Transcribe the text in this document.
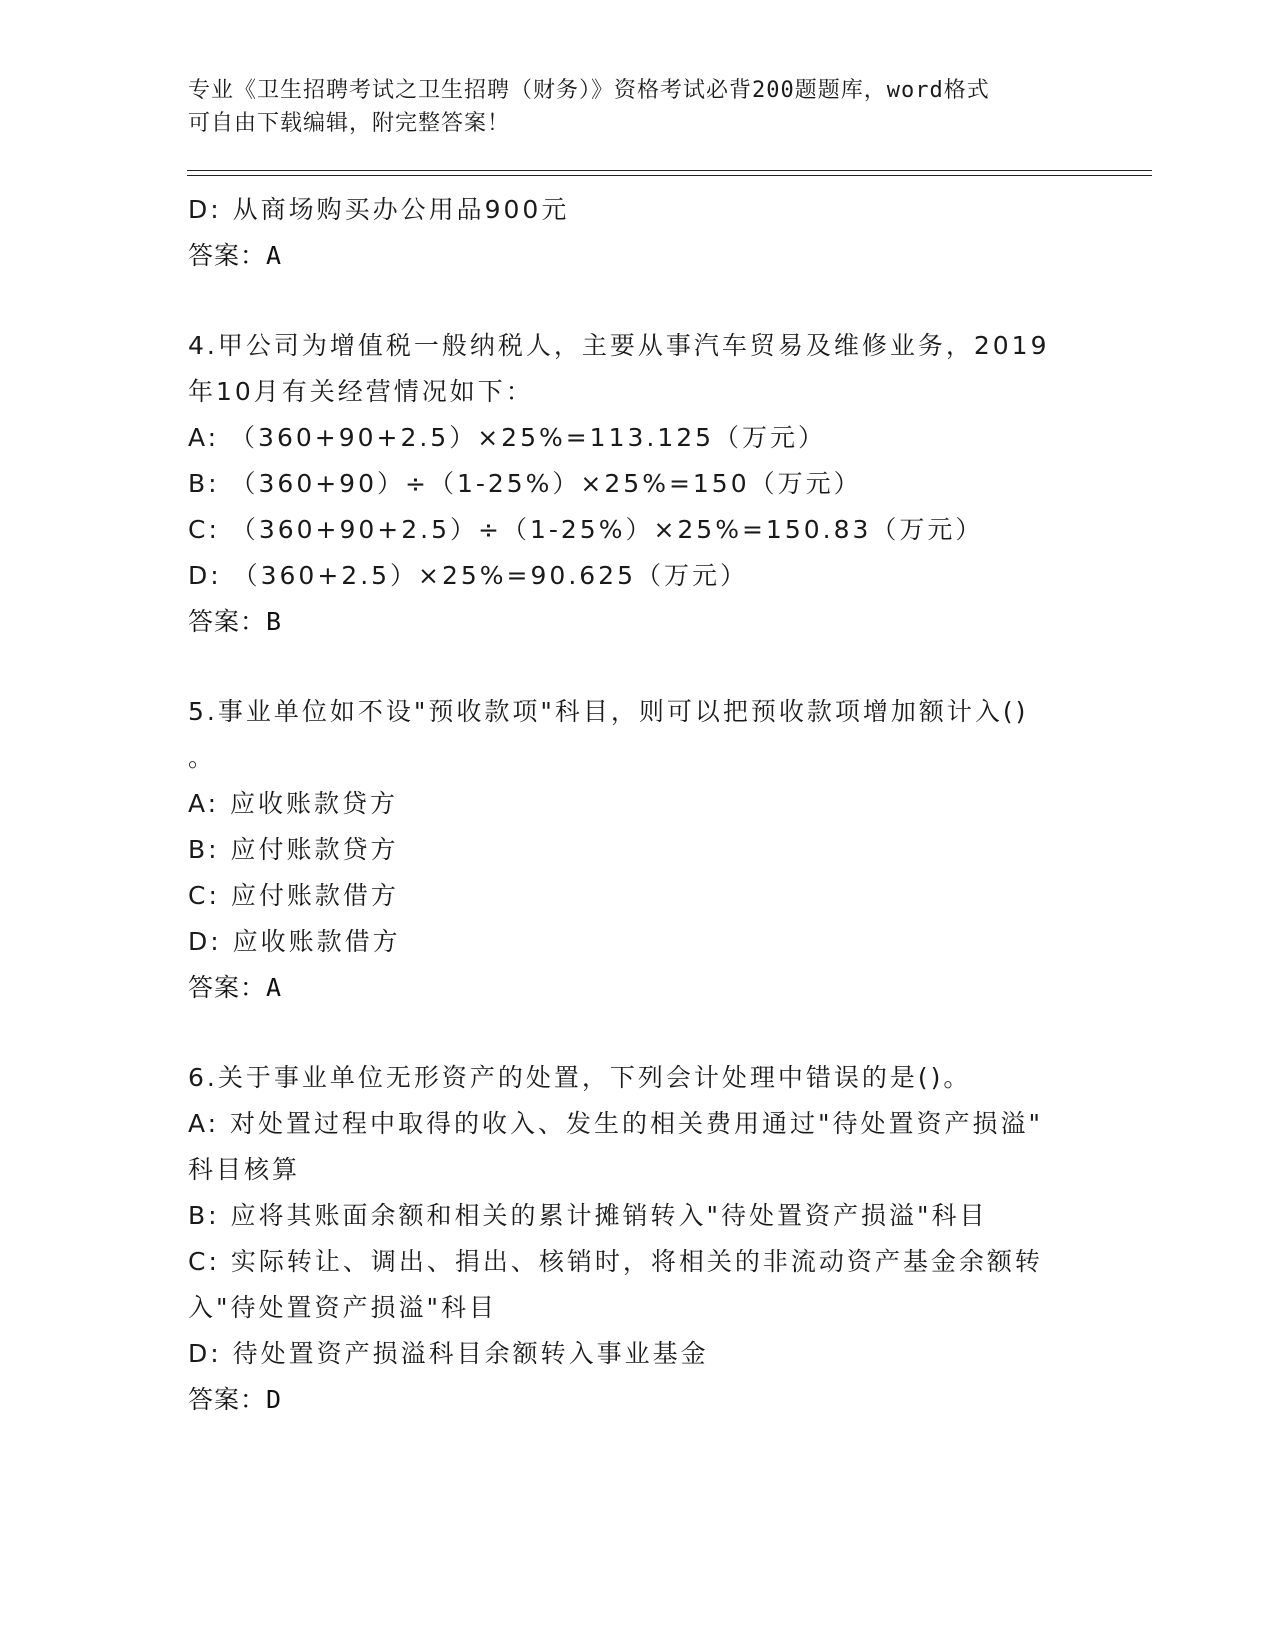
专业《卫生招聘考试之卫生招聘（财务）》资格考试必背200题题库，word格式
可自由下载编辑，附完整答案！
D: 从商场购买办公用品900元
答案：A
4.甲公司为增值税一般纳税人，主要从事汽车贸易及维修业务，2019
年10月有关经营情况如下：
A: （360+90+2.5）×25%=113.125（万元）
B: （360+90）÷（1-25%）×25%=150（万元）
C: （360+90+2.5）÷（1-25%）×25%=150.83（万元）
D: （360+2.5）×25%=90.625（万元）
答案：B
5.事业单位如不设"预收款项"科目，则可以把预收款项增加额计入()
。
A: 应收账款贷方
B: 应付账款贷方
C: 应付账款借方
D: 应收账款借方
答案：A
6.关于事业单位无形资产的处置，下列会计处理中错误的是()。
A: 对处置过程中取得的收入、发生的相关费用通过"待处置资产损溢"
科目核算
B: 应将其账面余额和相关的累计摊销转入"待处置资产损溢"科目
C: 实际转让、调出、捐出、核销时，将相关的非流动资产基金余额转
入"待处置资产损溢"科目
D: 待处置资产损溢科目余额转入事业基金
答案：D
